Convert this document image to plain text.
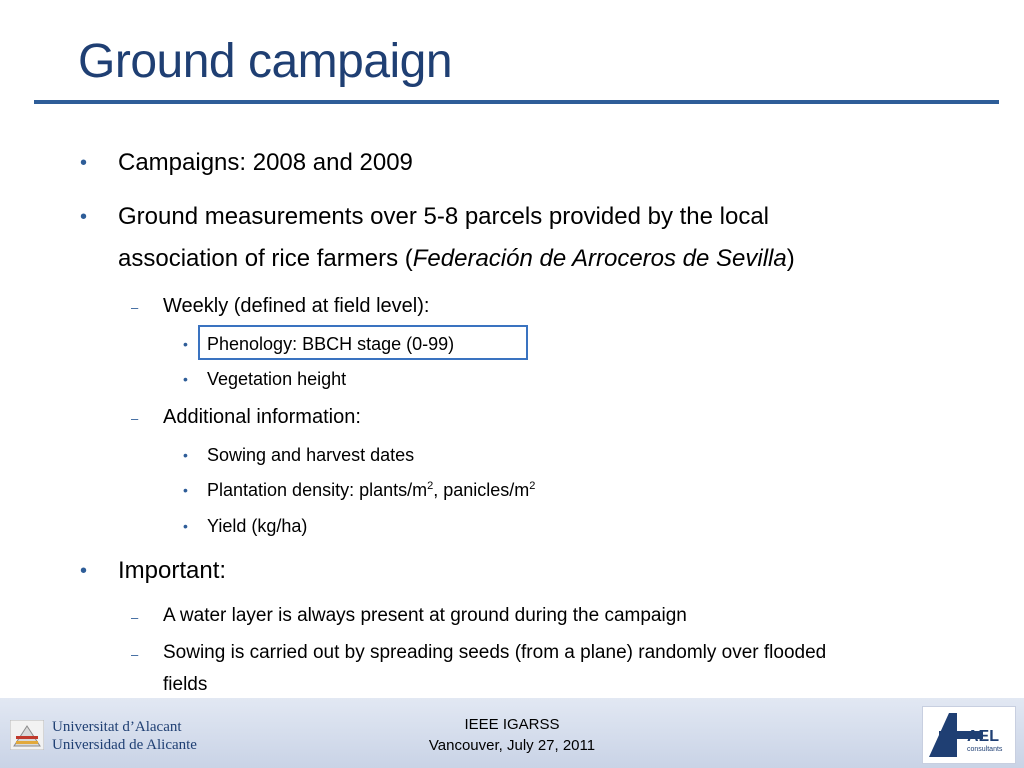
Ground campaign
• Campaigns: 2008 and 2009
• Ground measurements over 5-8 parcels provided by the local
association of rice farmers (Federación de Arroceros de Sevilla)
– Weekly (defined at field level):
• Phenology: BBCH stage (0-99)
• Vegetation height
– Additional information:
• Sowing and harvest dates
• Plantation density: plants/$m^2$, panicles/$m^2$
• Yield (kg/ha)
• Important:
– A water layer is always present at ground during the campaign
– Sowing is carried out by spreading seeds (from a plane) randomly over flooded
fields
Universitat d’Alacant
Universidad de Alicante
IEEE IGARSS
Vancouver, July 27, 2011
AEL
consultants
